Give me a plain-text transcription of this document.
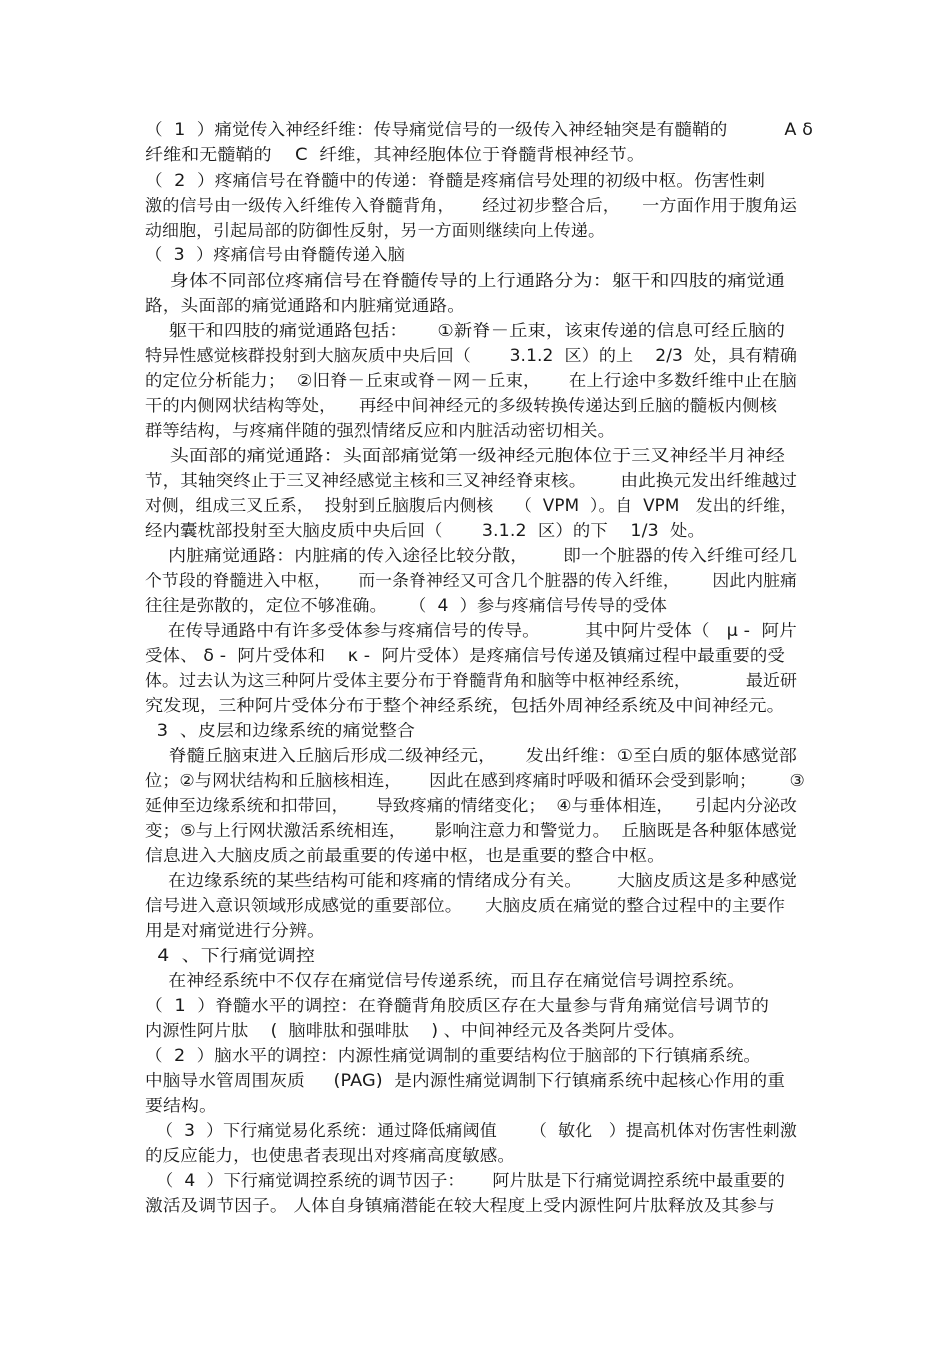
（  1  ）痛觉传入神经纤维：传导痛觉信号的一级传入神经轴突是有髓鞘的          A δ
纤维和无髓鞘的    C  纤维，其神经胞体位于脊髓背根神经节。
（  2  ）疼痛信号在脊髓中的传递：脊髓是疼痛信号处理的初级中枢。伤害性刺
激的信号由一级传入纤维传入脊髓背角，     经过初步整合后，    一方面作用于腹角运
动细胞，引起局部的防御性反射，另一方面则继续向上传递。
（  3  ）疼痛信号由脊髓传递入脑
身体不同部位疼痛信号在脊髓传导的上行通路分为：躯干和四肢的痛觉通
路，头面部的痛觉通路和内脏痛觉通路。
躯干和四肢的痛觉通路包括：     ①新脊－丘束，该束传递的信息可经丘脑的
特异性感觉核群投射到大脑灰质中央后回（       3.1.2  区）的上    2/3  处，具有精确
的定位分析能力；  ②旧脊－丘束或脊－网－丘束，     在上行途中多数纤维中止在脑
干的内侧网状结构等处，    再经中间神经元的多级转换传递达到丘脑的髓板内侧核
群等结构，与疼痛伴随的强烈情绪反应和内脏活动密切相关。
头面部的痛觉通路：头面部痛觉第一级神经元胞体位于三叉神经半月神经
节，其轴突终止于三叉神经感觉主核和三叉神经脊束核。      由此换元发出纤维越过
对侧，组成三叉丘系，  投射到丘脑腹后内侧核    （  VPM  ）。自  VPM   发出的纤维，
经内囊枕部投射至大脑皮质中央后回（       3.1.2  区）的下    1/3  处。
内脏痛觉通路：内脏痛的传入途径比较分散，      即一个脏器的传入纤维可经几
个节段的脊髓进入中枢，     而一条脊神经又可含几个脏器的传入纤维，      因此内脏痛
往往是弥散的，定位不够准确。    （  4  ）参与疼痛信号传导的受体
在传导通路中有许多受体参与疼痛信号的传导。        其中阿片受体（   μ -  阿片
受体、 δ -  阿片受体和    κ -  阿片受体）是疼痛信号传递及镇痛过程中最重要的受
体。过去认为这三种阿片受体主要分布于脊髓背角和脑等中枢神经系统，          最近研
究发现，三种阿片受体分布于整个神经系统，包括外周神经系统及中间神经元。
3  、皮层和边缘系统的痛觉整合
脊髓丘脑束进入丘脑后形成二级神经元，     发出纤维：①至白质的躯体感觉部
位；②与网状结构和丘脑核相连，     因此在感到疼痛时呼吸和循环会受到影响；      ③
延伸至边缘系统和扣带回，     导致疼痛的情绪变化；  ④与垂体相连，    引起内分泌改
变；⑤与上行网状激活系统相连，     影响注意力和警觉力。  丘脑既是各种躯体感觉
信息进入大脑皮质之前最重要的传递中枢，也是重要的整合中枢。
在边缘系统的某些结构可能和疼痛的情绪成分有关。      大脑皮质这是多种感觉
信号进入意识领域形成感觉的重要部位。    大脑皮质在痛觉的整合过程中的主要作
用是对痛觉进行分辨。
4  、下行痛觉调控
在神经系统中不仅存在痛觉信号传递系统，而且存在痛觉信号调控系统。
（  1  ）脊髓水平的调控：在脊髓背角胶质区存在大量参与背角痛觉信号调节的
内源性阿片肽    (  脑啡肽和强啡肽    ) 、中间神经元及各类阿片受体。
（  2  ）脑水平的调控：内源性痛觉调制的重要结构位于脑部的下行镇痛系统。
中脑导水管周围灰质     (PAG)  是内源性痛觉调制下行镇痛系统中起核心作用的重
要结构。
（  3  ）下行痛觉易化系统：通过降低痛阈值      （  敏化   ）提高机体对伤害性刺激
的反应能力，也使患者表现出对疼痛高度敏感。
（  4  ）下行痛觉调控系统的调节因子：     阿片肽是下行痛觉调控系统中最重要的
激活及调节因子。 人体自身镇痛潜能在较大程度上受内源性阿片肽释放及其参与
